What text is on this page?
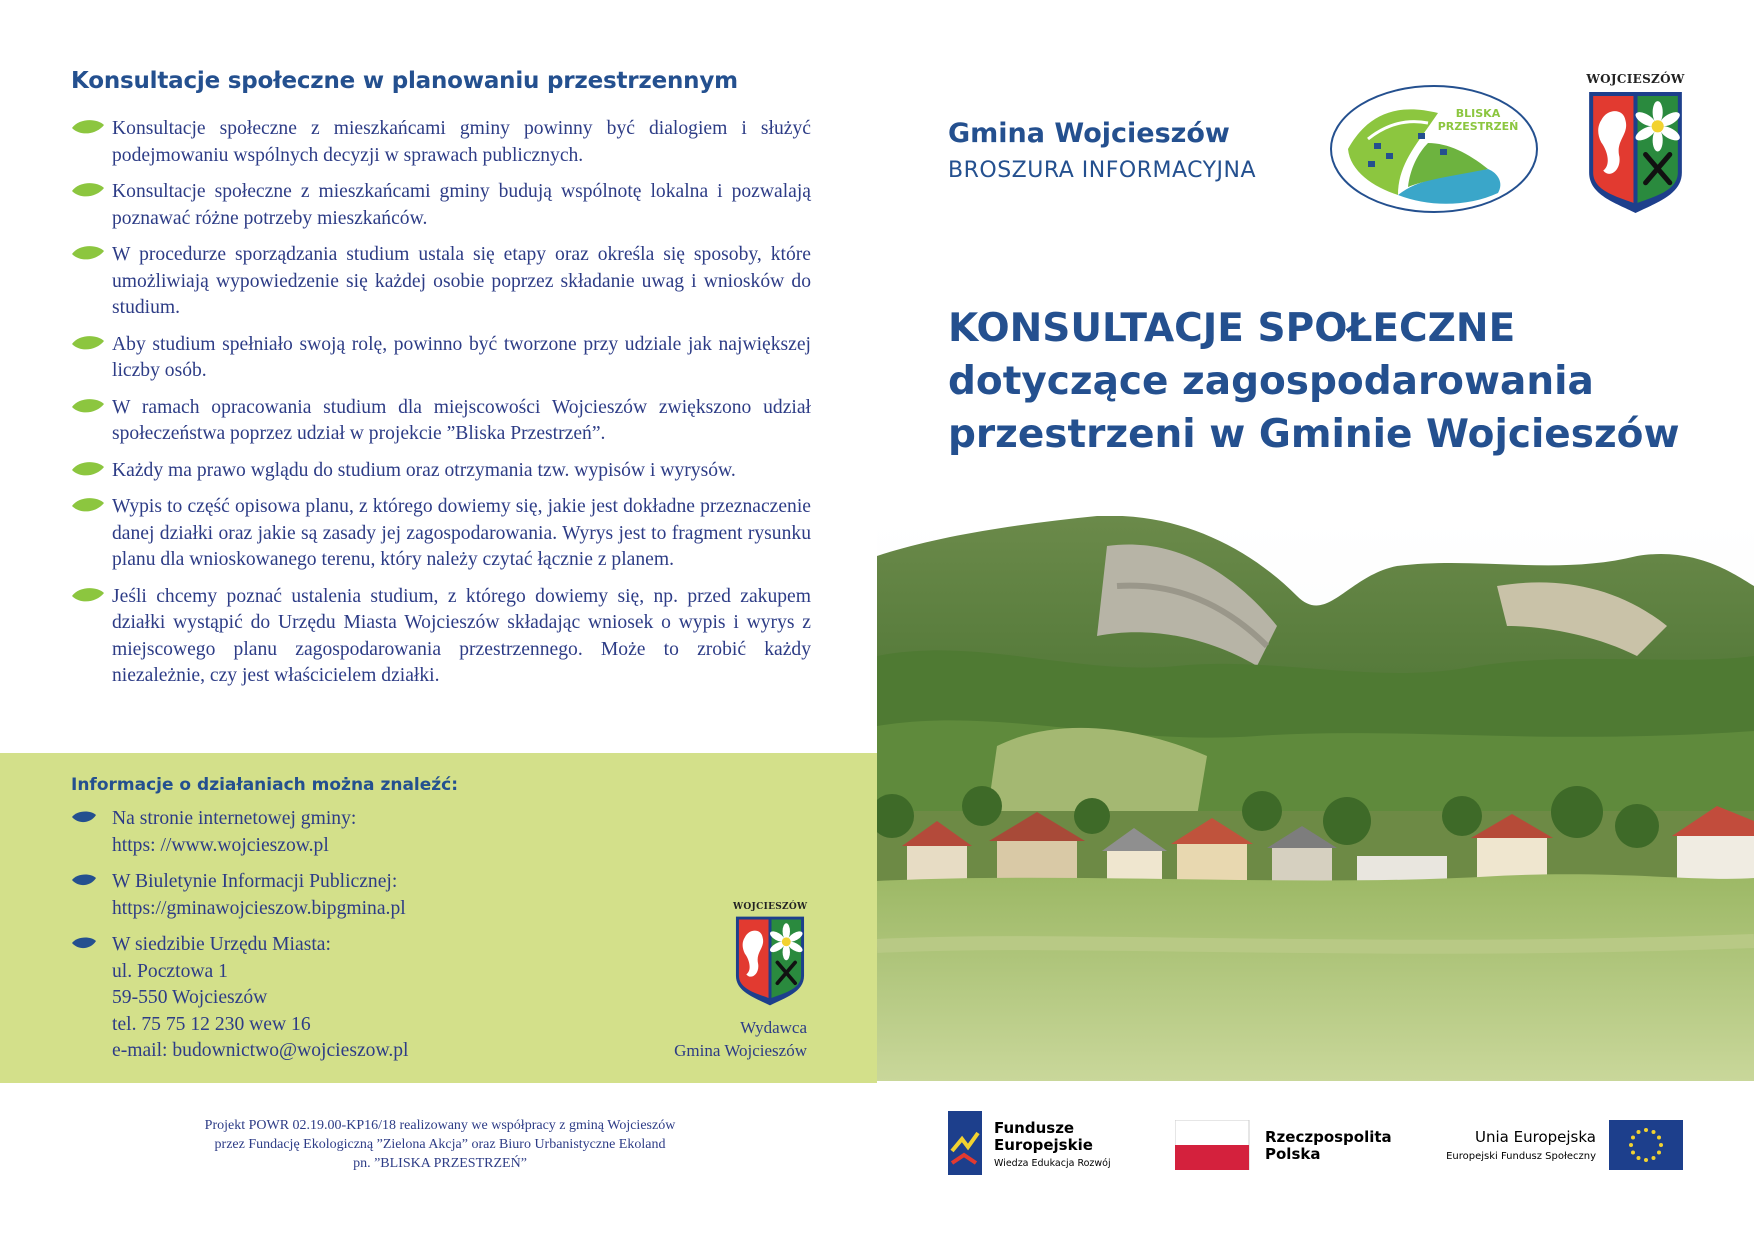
Konsultacje społeczne w planowaniu przestrzennym
Konsultacje społeczne z mieszkańcami gminy powinny być dialogiem i służyć podejmowaniu wspólnych decyzji w sprawach publicznych.
Konsultacje społeczne z mieszkańcami gminy budują wspólnotę lokalna i pozwalają poznawać różne potrzeby mieszkańców.
W procedurze sporządzania studium ustala się etapy oraz określa się sposoby, które umożliwiają wypowiedzenie się każdej osobie poprzez składanie uwag i wniosków do studium.
Aby studium spełniało swoją rolę, powinno być tworzone przy udziale jak największej liczby osób.
W ramach opracowania studium dla miejscowości Wojcieszów zwiększono udział społeczeństwa poprzez udział w projekcie ”Bliska Przestrzeń”.
Każdy ma prawo wglądu do studium oraz otrzymania tzw. wypisów i wyrysów.
Wypis to część opisowa planu, z którego dowiemy się, jakie jest dokładne przeznaczenie danej działki oraz jakie są zasady jej zagospodarowania. Wyrys jest to fragment rysunku planu dla wnioskowanego terenu, który należy czytać łącznie z planem.
Jeśli chcemy poznać ustalenia studium, z którego dowiemy się, np. przed zakupem działki wystąpić do Urzędu Miasta Wojcieszów składając wniosek o wypis i wyrys z miejscowego planu zagospodarowania przestrzennego. Może to zrobić każdy niezależnie, czy jest właścicielem działki.
Informacje o działaniach można znaleźć:
Na stronie internetowej gminy:
https: //www.wojcieszow.pl
W Biuletynie Informacji Publicznej:
https://gminawojcieszow.bipgmina.pl
W siedzibie Urzędu Miasta:
ul. Pocztowa 1
59-550 Wojcieszów
tel. 75 75 12 230 wew 16
e-mail: budownictwo@wojcieszow.pl
WOJCIESZÓW
Wydawca
Gmina Wojcieszów
Projekt POWR 02.19.00-KP16/18 realizowany we współpracy z gminą Wojcieszów
przez Fundację Ekologiczną ”Zielona Akcja” oraz Biuro Urbanistyczne Ekoland
pn. ”BLISKA PRZESTRZEŃ”
Gmina Wojcieszów
BROSZURA INFORMACYJNA
BLISKA
PRZESTRZEŃ
WOJCIESZÓW
KONSULTACJE SPOŁECZNE
dotyczące zagospodarowania
przestrzeni w Gminie Wojcieszów
Fundusze
Europejskie
Wiedza Edukacja Rozwój
Rzeczpospolita
Polska
Unia Europejska
Europejski Fundusz Społeczny
